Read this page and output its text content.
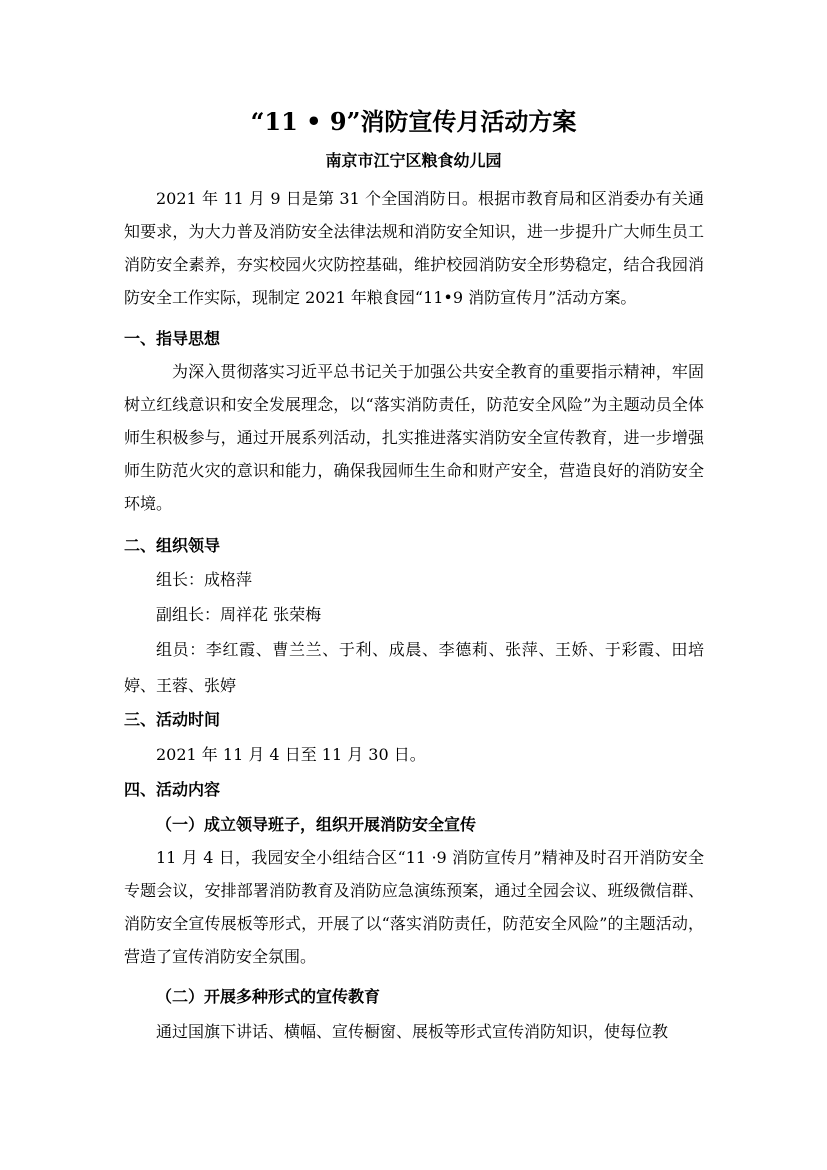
“11 • 9”消防宣传月活动方案
南京市江宁区粮食幼儿园
2021 年 11 月 9 日是第 31 个全国消防日。根据市教育局和区消委办有关通知要求，为大力普及消防安全法律法规和消防安全知识，进一步提升广大师生员工消防安全素养，夯实校园火灾防控基础，维护校园消防安全形势稳定，结合我园消防安全工作实际，现制定 2021 年粮食园“11•9 消防宣传月”活动方案。
一、指导思想
为深入贯彻落实习近平总书记关于加强公共安全教育的重要指示精神，牢固树立红线意识和安全发展理念，以“落实消防责任，防范安全风险”为主题动员全体师生积极参与，通过开展系列活动，扎实推进落实消防安全宣传教育，进一步增强师生防范火灾的意识和能力，确保我园师生生命和财产安全，营造良好的消防安全环境。
二、组织领导
组长：成格萍
副组长：周祥花 张荣梅
组员：李红霞、曹兰兰、于利、成晨、李德莉、张萍、王娇、于彩霞、田培婷、王蓉、张婷
三、活动时间
2021 年 11 月 4 日至 11 月 30 日。
四、活动内容
（一）成立领导班子，组织开展消防安全宣传
11 月 4 日，我园安全小组结合区“11 ·9 消防宣传月”精神及时召开消防安全专题会议，安排部署消防教育及消防应急演练预案，通过全园会议、班级微信群、消防安全宣传展板等形式，开展了以“落实消防责任，防范安全风险”的主题活动，营造了宣传消防安全氛围。
（二）开展多种形式的宣传教育
通过国旗下讲话、横幅、宣传橱窗、展板等形式宣传消防知识，使每位教
